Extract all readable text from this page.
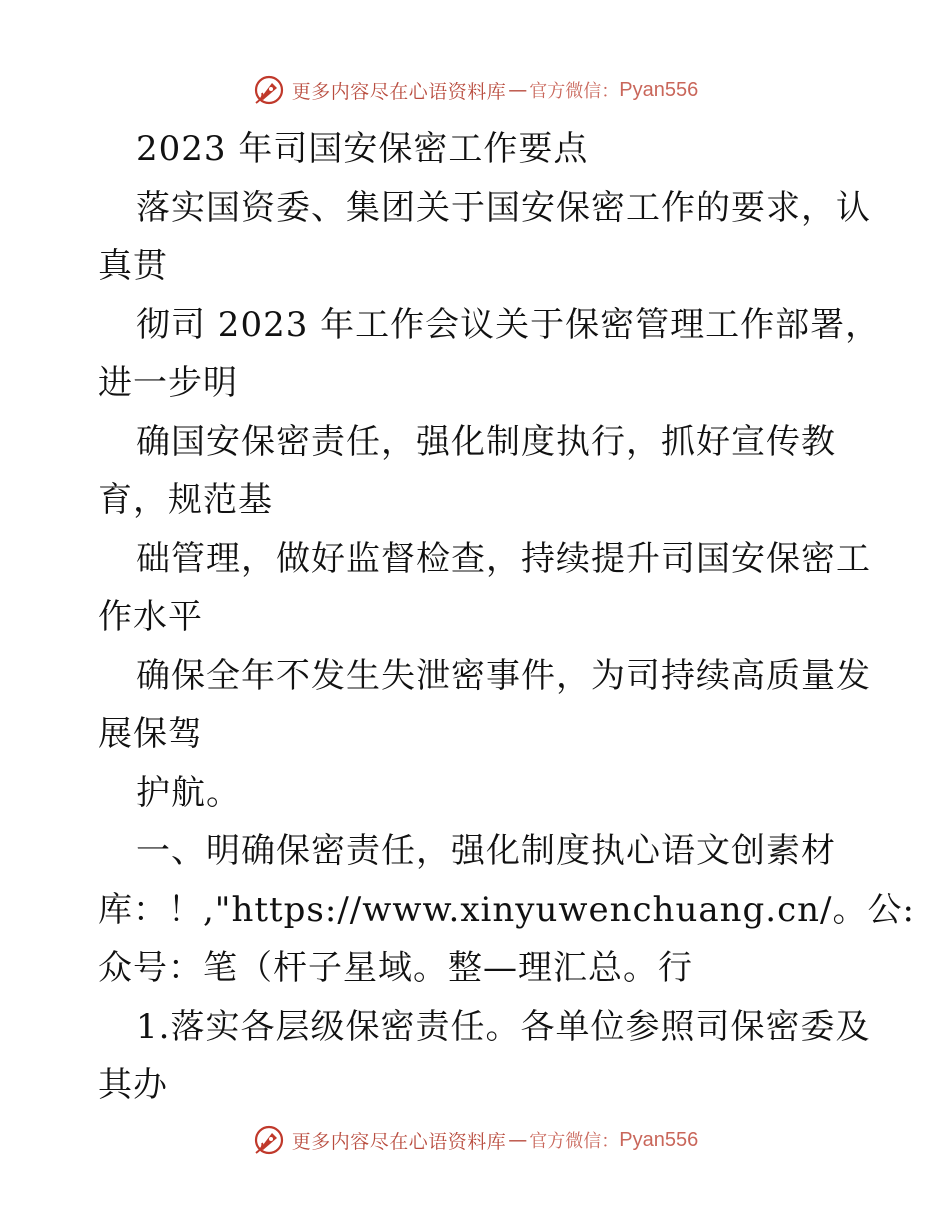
更多内容尽在心语资料库 — 官方微信： Pyan556
2023 年司国安保密工作要点
落实国资委、集团关于国安保密工作的要求，认
真贯
彻司 2023 年工作会议关于保密管理工作部署，
进一步明
确国安保密责任，强化制度执行，抓好宣传教
育，规范基
础管理，做好监督检查，持续提升司国安保密工
作水平
确保全年不发生失泄密事件，为司持续高质量发
展保驾
护航。
一、明确保密责任，强化制度执心语文创素材
库：！,"https://www.xinyuwenchuang.cn/。公:
众号：笔（杆子星域。整—理汇总。行
1.落实各层级保密责任。各单位参照司保密委及
其办
更多内容尽在心语资料库 — 官方微信： Pyan556
